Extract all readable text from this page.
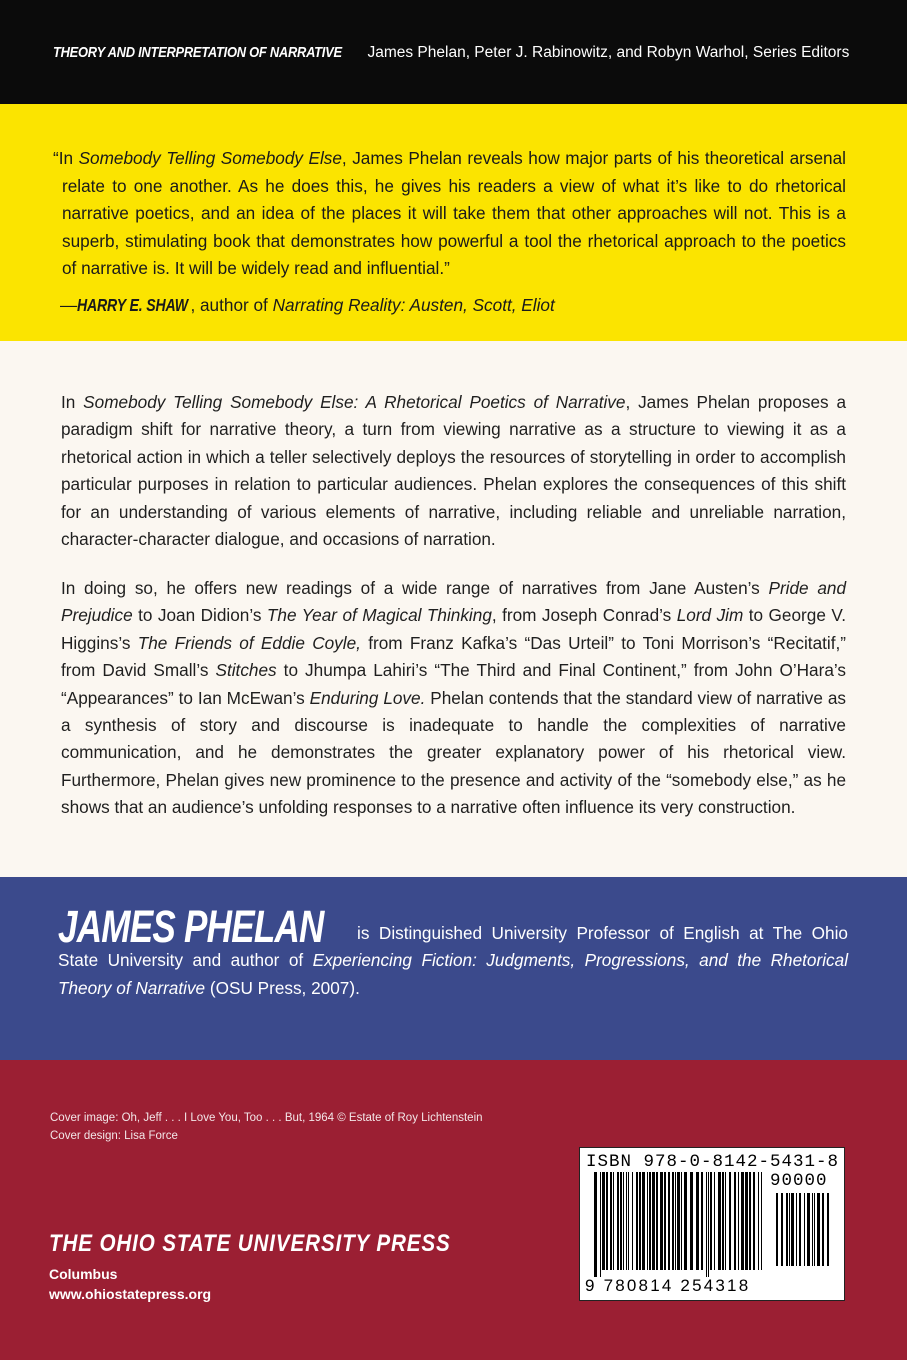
THEORY AND INTERPRETATION OF NARRATIVE James Phelan, Peter J. Rabinowitz, and Robyn Warhol, Series Editors

“In Somebody Telling Somebody Else, James Phelan reveals how major parts of his theoretical arsenal relate to one another. As he does this, he gives his readers a view of what it’s like to do rhetorical narrative poetics, and an idea of the places it will take them that other approaches will not. This is a superb, stimulating book that demonstrates how powerful a tool the rhetorical approach to the poetics of narrative is. It will be widely read and influential.”

—HARRY E. SHAW , author of Narrating Reality: Austen, Scott, Eliot

In Somebody Telling Somebody Else: A Rhetorical Poetics of Narrative, James Phelan proposes a paradigm shift for narrative theory, a turn from viewing narrative as a structure to viewing it as a rhetorical action in which a teller selectively deploys the resources of storytelling in order to accomplish particular purposes in relation to particular audiences. Phelan explores the consequences of this shift for an understanding of various elements of narrative, including reliable and unreliable narration, character-character dialogue, and occasions of narration.

In doing so, he offers new readings of a wide range of narratives from Jane Austen’s Pride and Prejudice to Joan Didion’s The Year of Magical Thinking, from Joseph Conrad’s Lord Jim to George V. Higgins’s The Friends of Eddie Coyle, from Franz Kafka’s “Das Urteil” to Toni Morrison’s “Recitatif,” from David Small’s Stitches to Jhumpa Lahiri’s “The Third and Final Continent,” from John O’Hara’s “Appearances” to Ian McEwan’s Enduring Love. Phelan contends that the standard view of narrative as a synthesis of story and discourse is inadequate to handle the complexities of narrative communication, and he demonstrates the greater explanatory power of his rhetorical view. Furthermore, Phelan gives new prominence to the presence and activity of the “somebody else,” as he shows that an audience’s unfolding responses to a narrative often influence its very construction.

JAMES PHELAN is Distinguished University Professor of English at The Ohio State University and author of Experiencing Fiction: Judgments, Progressions, and the Rhetorical Theory of Narrative (OSU Press, 2007).

Cover image: Oh, Jeff . . . I Love You, Too . . . But, 1964 © Estate of Roy Lichtenstein
Cover design: Lisa Force
ISBN 978-0-8142-5431-8
90000
9 780814 254318
THE OHIO STATE UNIVERSITY PRESS
Columbus
www.ohiostatepress.org
